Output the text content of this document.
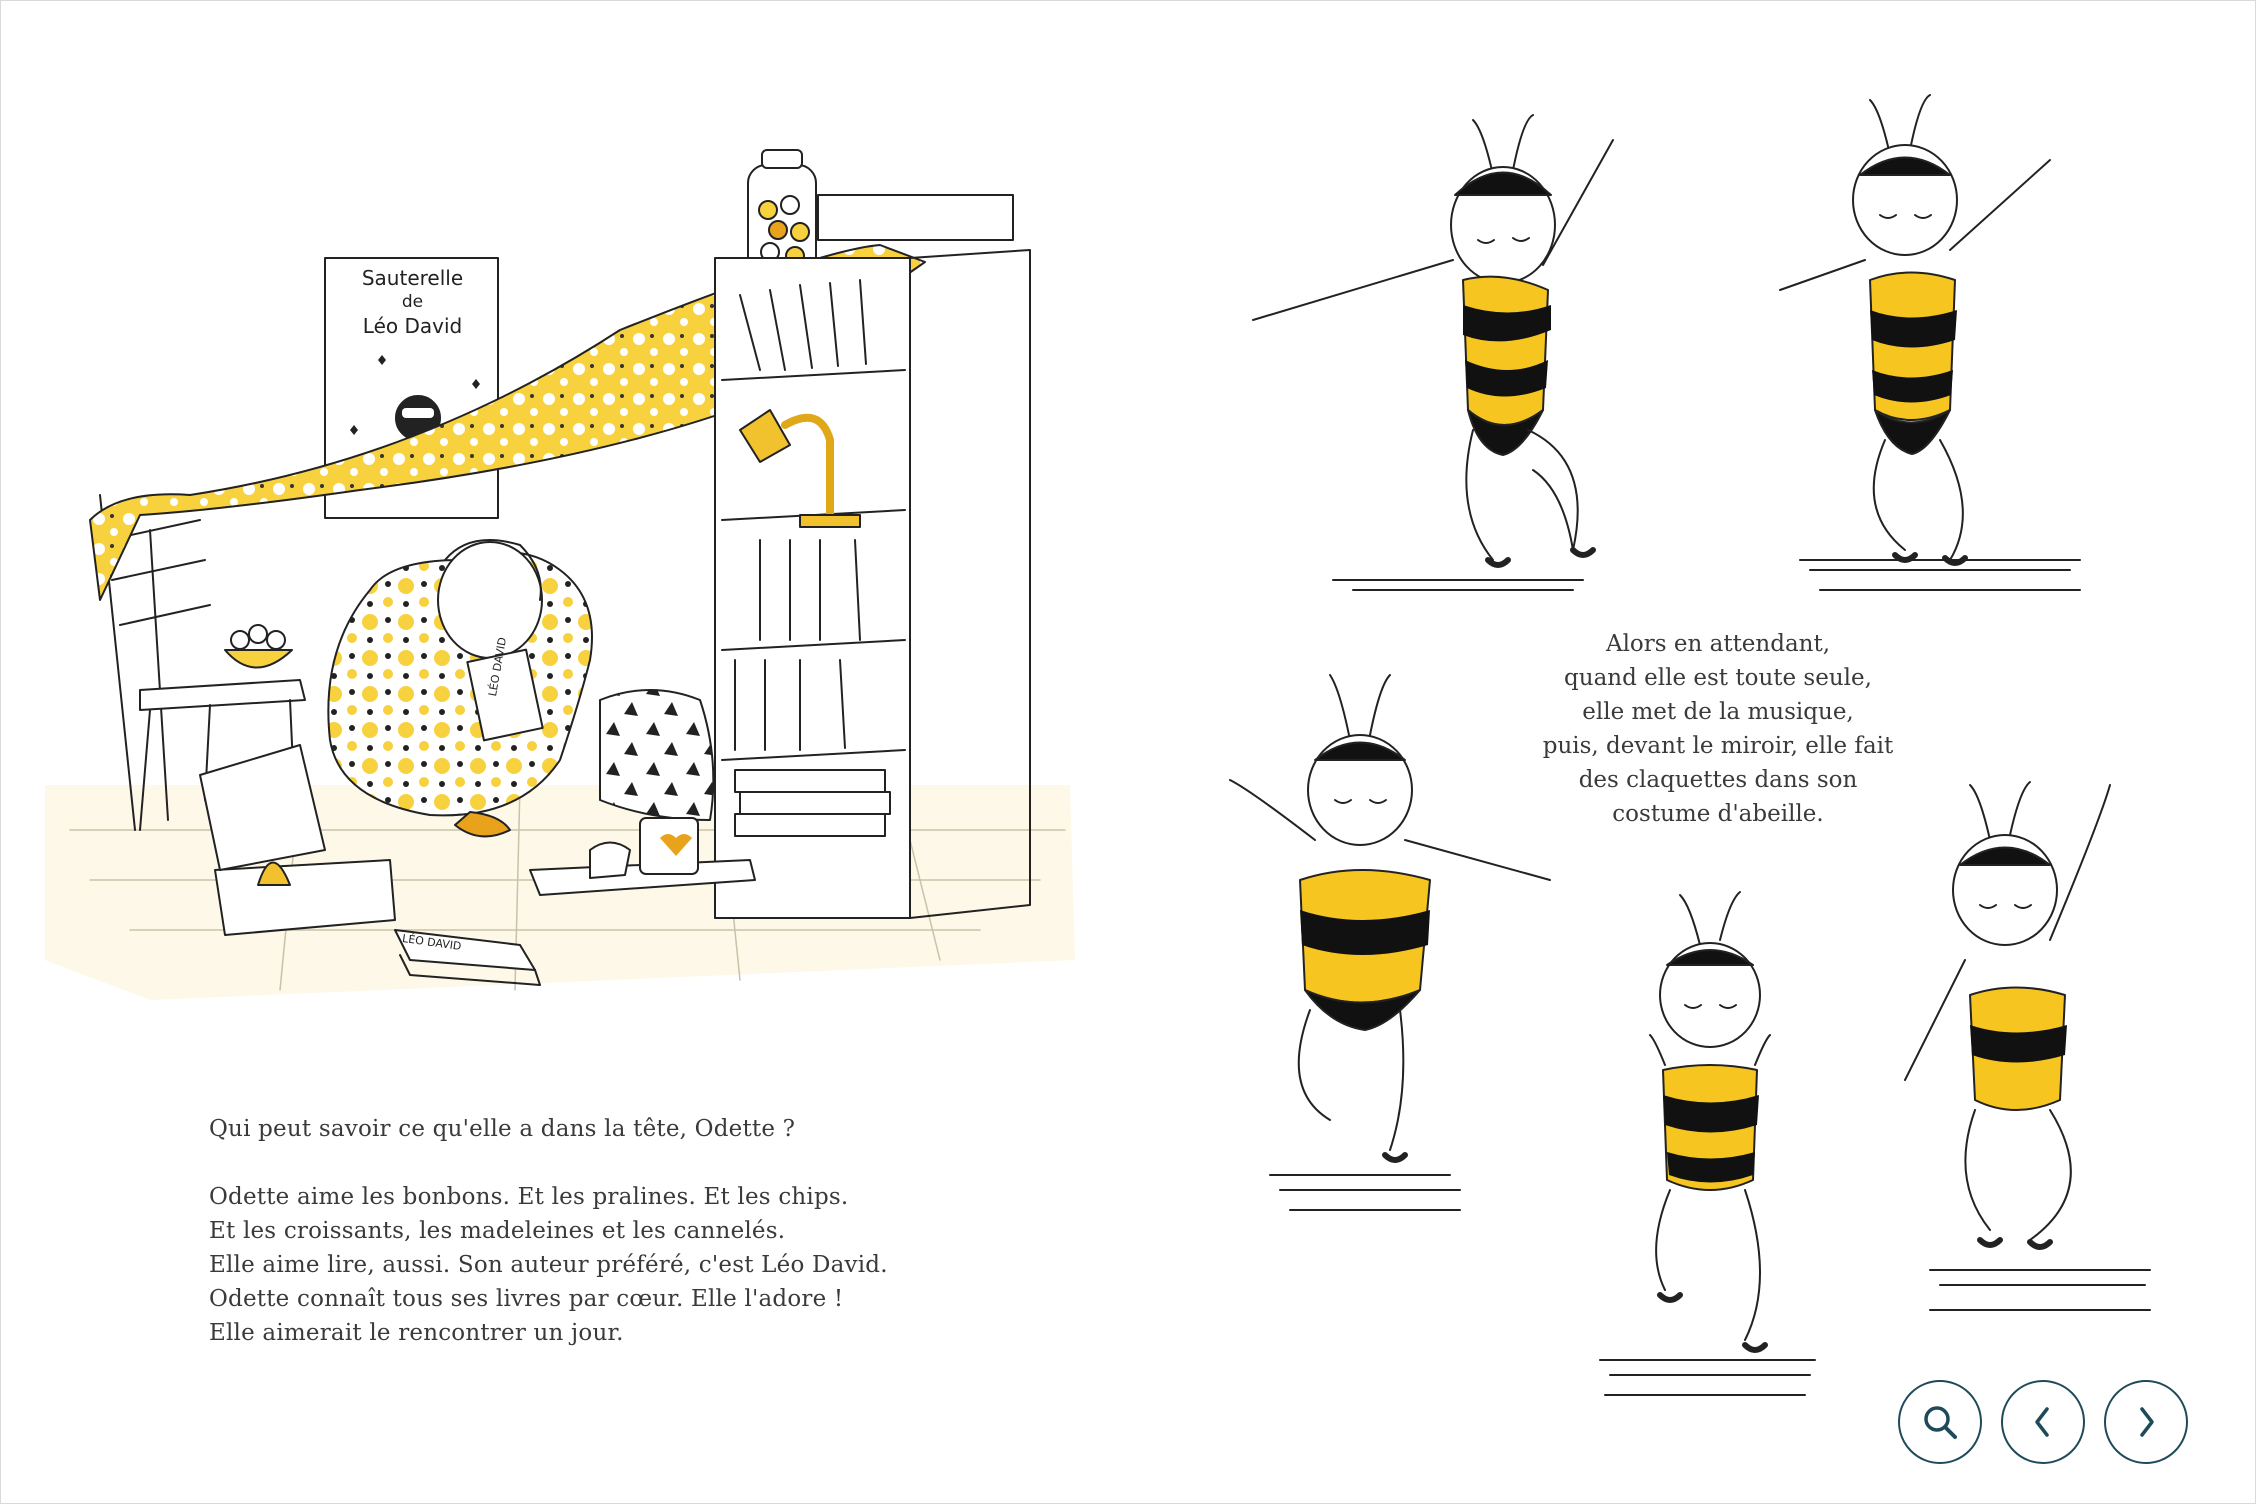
Sauterelle
de
Léo David
LÉO DAVID
LÉO DAVID

Qui peut savoir ce qu'elle a dans la tête, Odette ?

Odette aime les bonbons. Et les pralines. Et les chips.
Et les croissants, les madeleines et les cannelés.
Elle aime lire, aussi. Son auteur préféré, c'est Léo David.
Odette connaît tous ses livres par cœur. Elle l'adore !
Elle aimerait le rencontrer un jour.

Alors en attendant,
quand elle est toute seule,
elle met de la musique,
puis, devant le miroir, elle fait
des claquettes dans son
costume d'abeille.
